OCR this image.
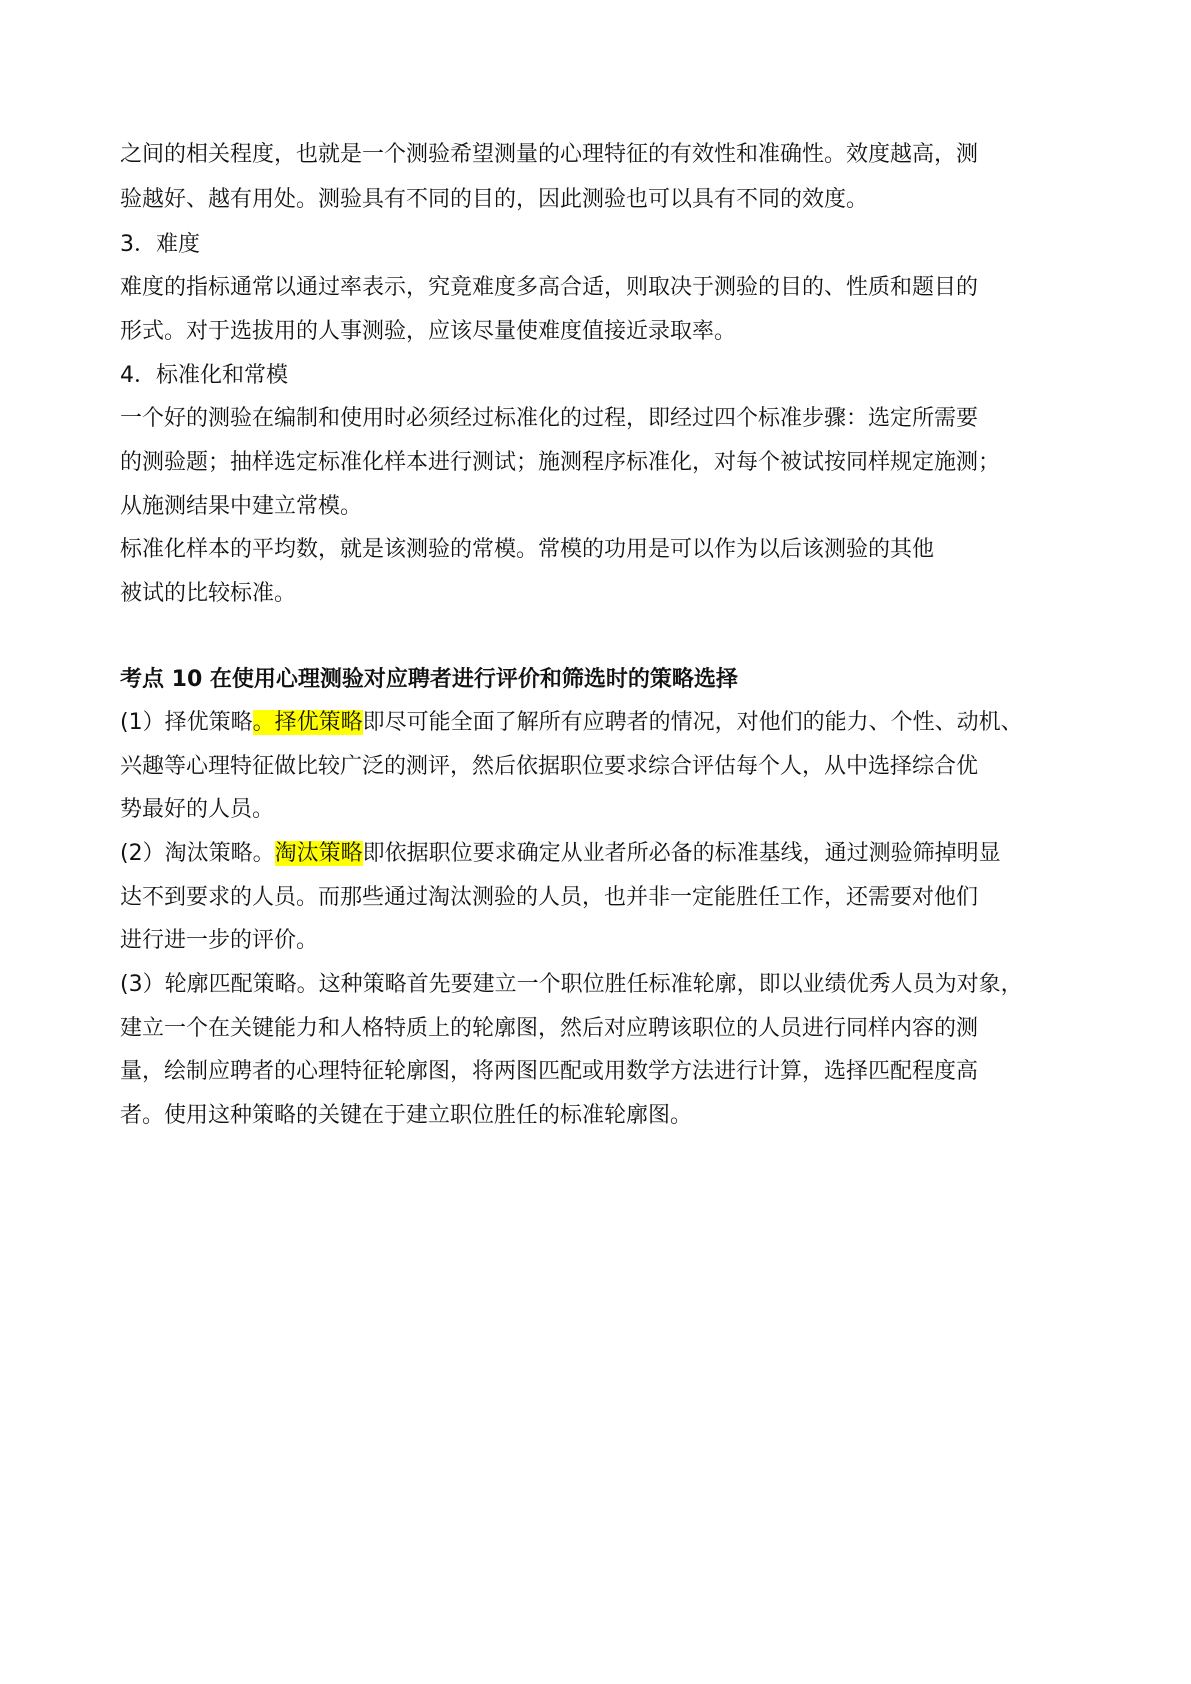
之间的相关程度，也就是一个测验希望测量的心理特征的有效性和准确性。效度越高，测
验越好、越有用处。测验具有不同的目的，因此测验也可以具有不同的效度。
3．难度
难度的指标通常以通过率表示，究竟难度多高合适，则取决于测验的目的、性质和题目的
形式。对于选拔用的人事测验，应该尽量使难度值接近录取率。
4．标准化和常模
一个好的测验在编制和使用时必须经过标准化的过程，即经过四个标准步骤：选定所需要
的测验题；抽样选定标准化样本进行测试；施测程序标准化，对每个被试按同样规定施测；
从施测结果中建立常模。
标准化样本的平均数，就是该测验的常模。常模的功用是可以作为以后该测验的其他
被试的比较标准。
考点 10 在使用心理测验对应聘者进行评价和筛选时的策略选择
(1）择优策略。择优策略即尽可能全面了解所有应聘者的情况，对他们的能力、个性、动机、
兴趣等心理特征做比较广泛的测评，然后依据职位要求综合评估每个人，从中选择综合优
势最好的人员。
(2）淘汰策略。淘汰策略即依据职位要求确定从业者所必备的标准基线，通过测验筛掉明显
达不到要求的人员。而那些通过淘汰测验的人员，也并非一定能胜任工作，还需要对他们
进行进一步的评价。
(3）轮廓匹配策略。这种策略首先要建立一个职位胜任标准轮廓，即以业绩优秀人员为对象，
建立一个在关键能力和人格特质上的轮廓图，然后对应聘该职位的人员进行同样内容的测
量，绘制应聘者的心理特征轮廓图，将两图匹配或用数学方法进行计算，选择匹配程度高
者。使用这种策略的关键在于建立职位胜任的标准轮廓图。
